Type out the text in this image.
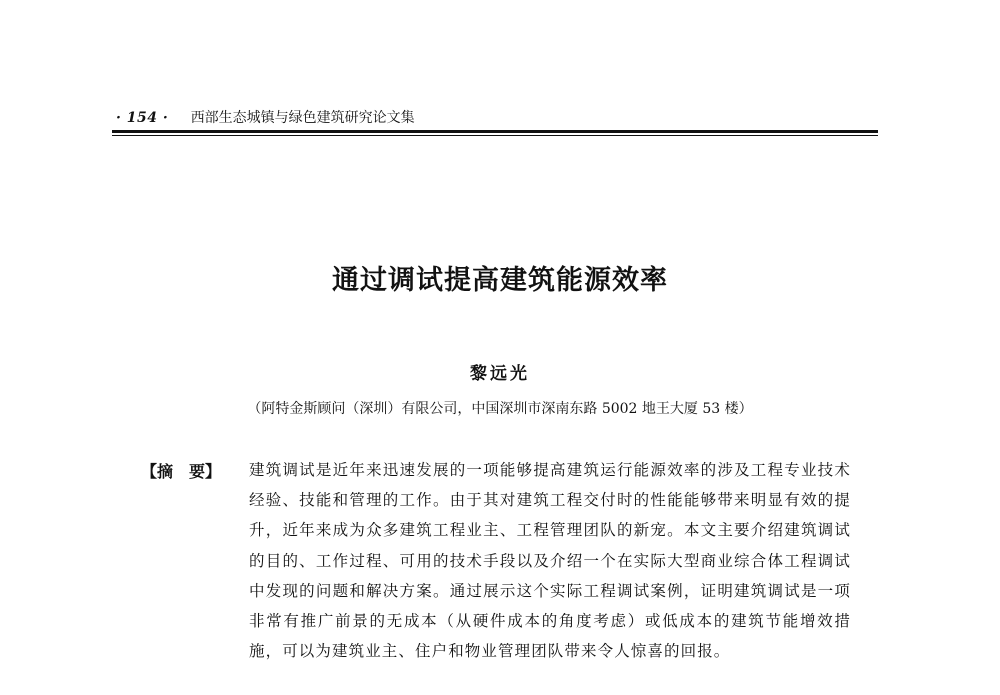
· 154 · 西部生态城镇与绿色建筑研究论文集
通过调试提高建筑能源效率
黎远光
（阿特金斯顾问（深圳）有限公司，中国深圳市深南东路 5002 地王大厦 53 楼）
【摘　要】 建筑调试是近年来迅速发展的一项能够提高建筑运行能源效率的涉及工程专业技术经验、技能和管理的工作。由于其对建筑工程交付时的性能能够带来明显有效的提升，近年来成为众多建筑工程业主、工程管理团队的新宠。本文主要介绍建筑调试的目的、工作过程、可用的技术手段以及介绍一个在实际大型商业综合体工程调试中发现的问题和解决方案。通过展示这个实际工程调试案例，证明建筑调试是一项非常有推广前景的无成本（从硬件成本的角度考虑）或低成本的建筑节能增效措施，可以为建筑业主、住户和物业管理团队带来令人惊喜的回报。
